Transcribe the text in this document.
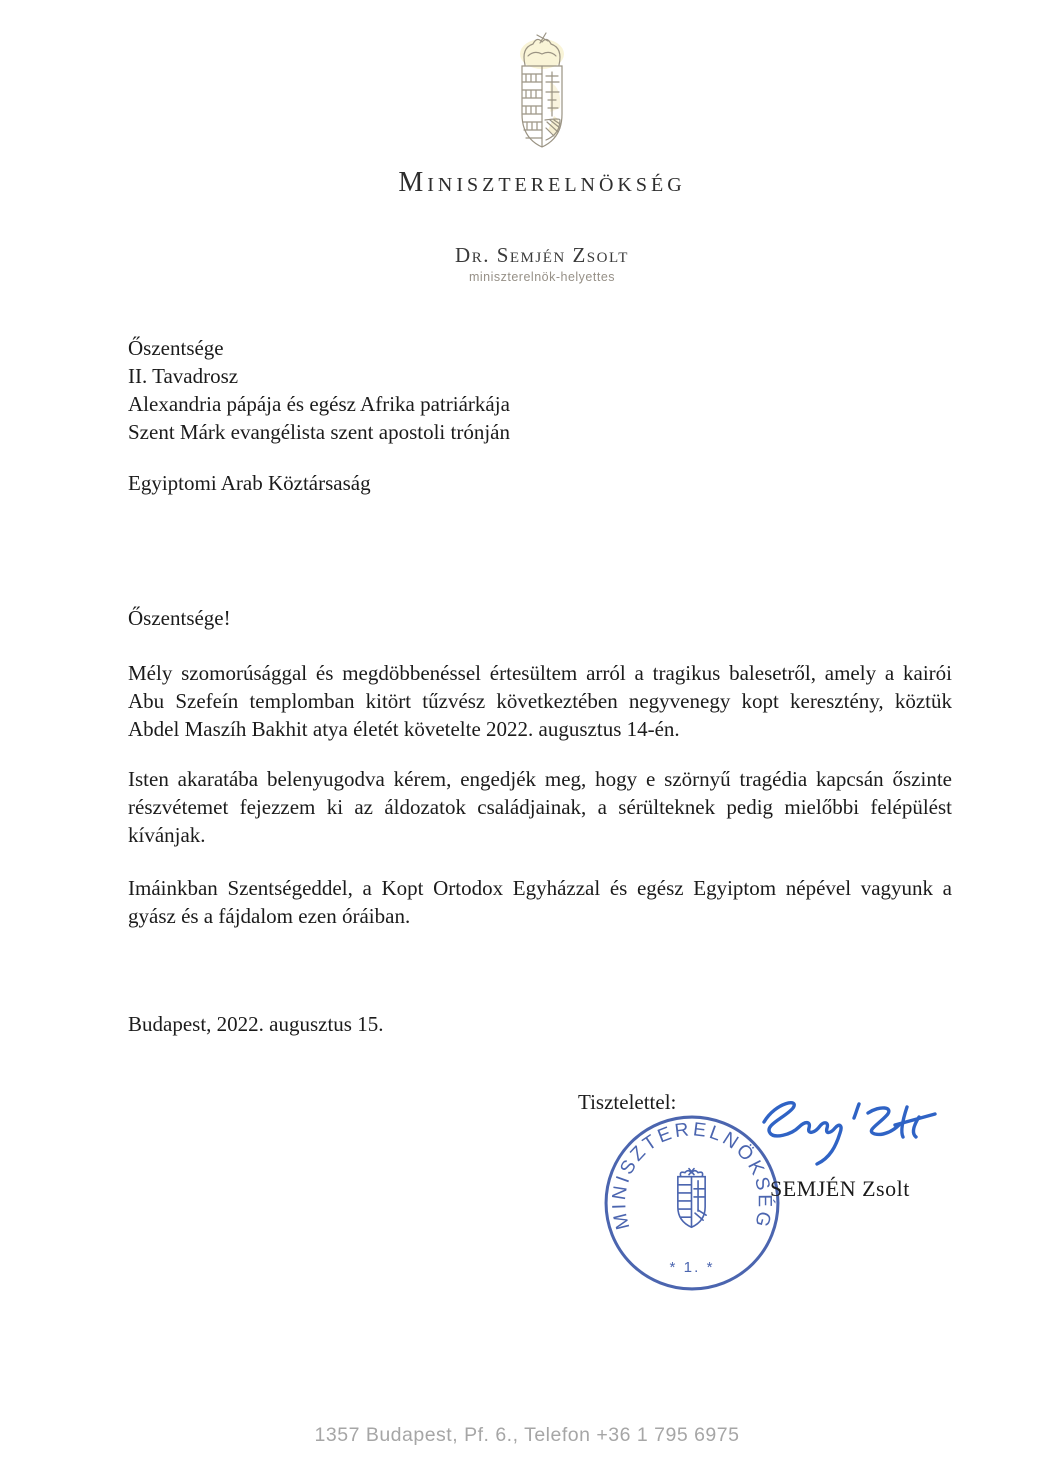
Miniszterelnökség
Dr. Semjén Zsolt
miniszterelnök-helyettes
Őszentsége
II. Tavadrosz
Alexandria pápája és egész Afrika patriárkája
Szent Márk evangélista szent apostoli trónján
Egyiptomi Arab Köztársaság
Őszentsége!
Mély szomorúsággal és megdöbbenéssel értesültem arról a tragikus balesetről, amely a kairói Abu Szefeín templomban kitört tűzvész következtében negyvenegy kopt keresztény, köztük Abdel Maszíh Bakhit atya életét követelte 2022. augusztus 14-én.
Isten akaratába belenyugodva kérem, engedjék meg, hogy e szörnyű tragédia kapcsán őszinte részvétemet fejezzem ki az áldozatok családjainak, a sérülteknek pedig mielőbbi felépülést kívánjak.
Imáinkban Szentségeddel, a Kopt Ortodox Egyházzal és egész Egyiptom népével vagyunk a gyász és a fájdalom ezen óráiban.
Budapest, 2022. augusztus 15.
Tisztelettel:
MINISZTERELNÖKSÉG
* 1. *
SEMJÉN Zsolt
1357 Budapest, Pf. 6., Telefon +36 1 795 6975
